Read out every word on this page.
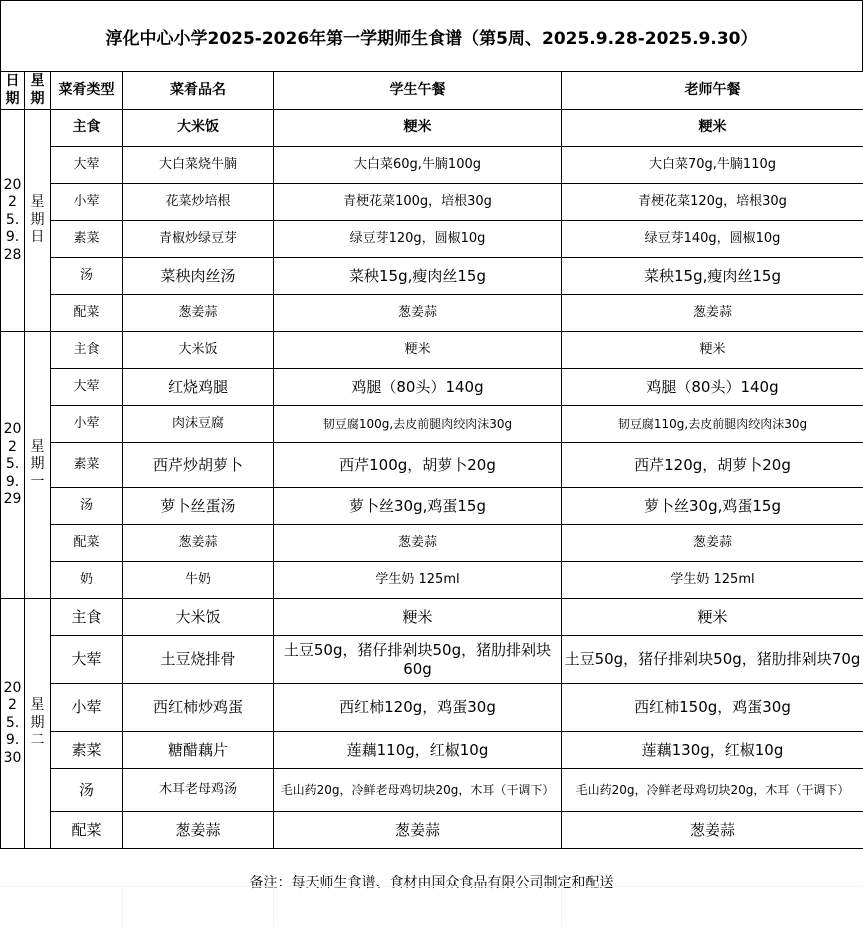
淳化中心小学2025-2026年第一学期师生食谱（第5周、2025.9.28-2025.9.30）
日期	星期	菜肴类型	菜肴品名	学生午餐	老师午餐
2025.9.28	星期日	主食	大米饭	粳米	粳米
		大荤	大白菜烧牛腩	大白菜60g,牛腩100g	大白菜70g,牛腩110g
		小荤	花菜炒培根	青梗花菜100g，培根30g	青梗花菜120g，培根30g
		素菜	青椒炒绿豆芽	绿豆芽120g，圆椒10g	绿豆芽140g，圆椒10g
		汤	菜秧肉丝汤	菜秧15g,瘦肉丝15g	菜秧15g,瘦肉丝15g
		配菜	葱姜蒜	葱姜蒜	葱姜蒜
2025.9.29	星期一	主食	大米饭	粳米	粳米
		大荤	红烧鸡腿	鸡腿（80头）140g	鸡腿（80头）140g
		小荤	肉沫豆腐	韧豆腐100g,去皮前腿肉绞肉沫30g	韧豆腐110g,去皮前腿肉绞肉沫30g
		素菜	西芹炒胡萝卜	西芹100g，胡萝卜20g	西芹120g，胡萝卜20g
		汤	萝卜丝蛋汤	萝卜丝30g,鸡蛋15g	萝卜丝30g,鸡蛋15g
		配菜	葱姜蒜	葱姜蒜	葱姜蒜
		奶	牛奶	学生奶 125ml	学生奶 125ml
2025.9.30	星期二	主食	大米饭	粳米	粳米
		大荤	土豆烧排骨	土豆50g，猪仔排剁块50g，猪肋排剁块60g	土豆50g，猪仔排剁块50g，猪肋排剁块70g
		小荤	西红柿炒鸡蛋	西红柿120g，鸡蛋30g	西红柿150g，鸡蛋30g
		素菜	糖醋藕片	莲藕110g，红椒10g	莲藕130g，红椒10g
		汤	木耳老母鸡汤	毛山药20g，冷鲜老母鸡切块20g，木耳（干调下）	毛山药20g，冷鲜老母鸡切块20g，木耳（干调下）
		配菜	葱姜蒜	葱姜蒜	葱姜蒜
备注：每天师生食谱、食材由国众食品有限公司制定和配送
